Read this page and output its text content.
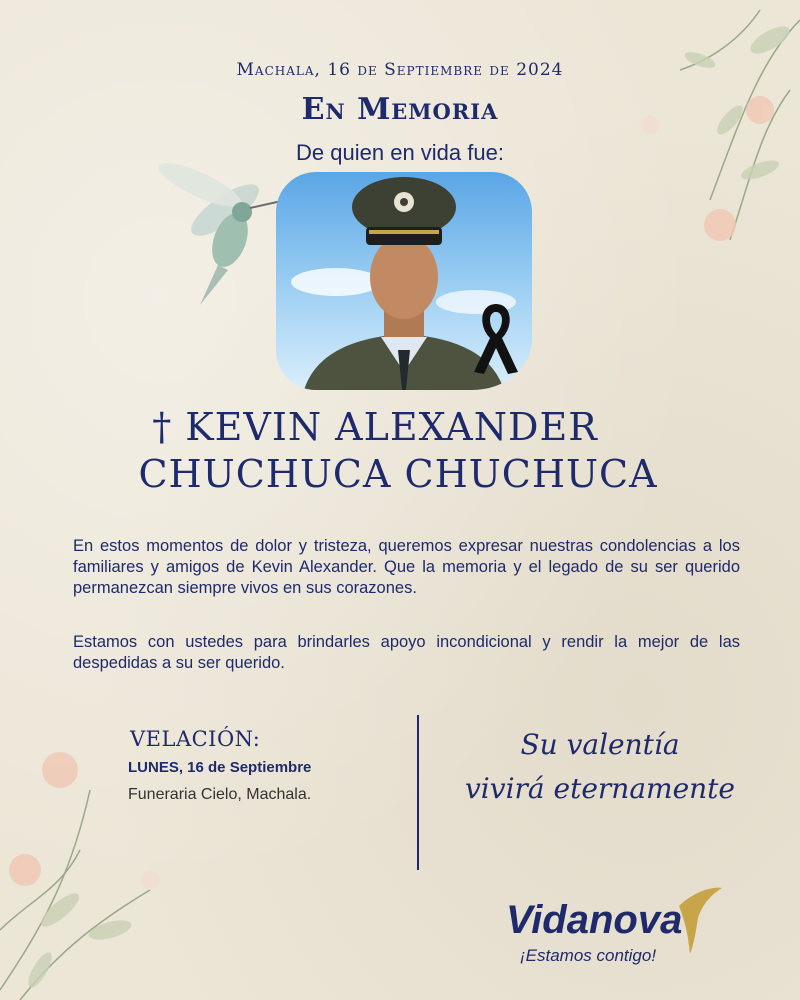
Machala, 16 de Septiembre de 2024
En Memoria
De quien en vida fue:
† KEVIN ALEXANDER
CHUCHUCA CHUCHUCA
En estos momentos de dolor y tristeza, queremos expresar nuestras condolencias a los familiares y amigos de Kevin Alexander. Que la memoria y el legado de su ser querido permanezcan siempre vivos en sus corazones.
Estamos con ustedes para brindarles apoyo incondicional y rendir la mejor de las despedidas a su ser querido.
VELACIÓN:
LUNES, 16 de Septiembre
Funeraria Cielo, Machala.
Su valentía
vivirá eternamente
Vidanova
¡Estamos contigo!
